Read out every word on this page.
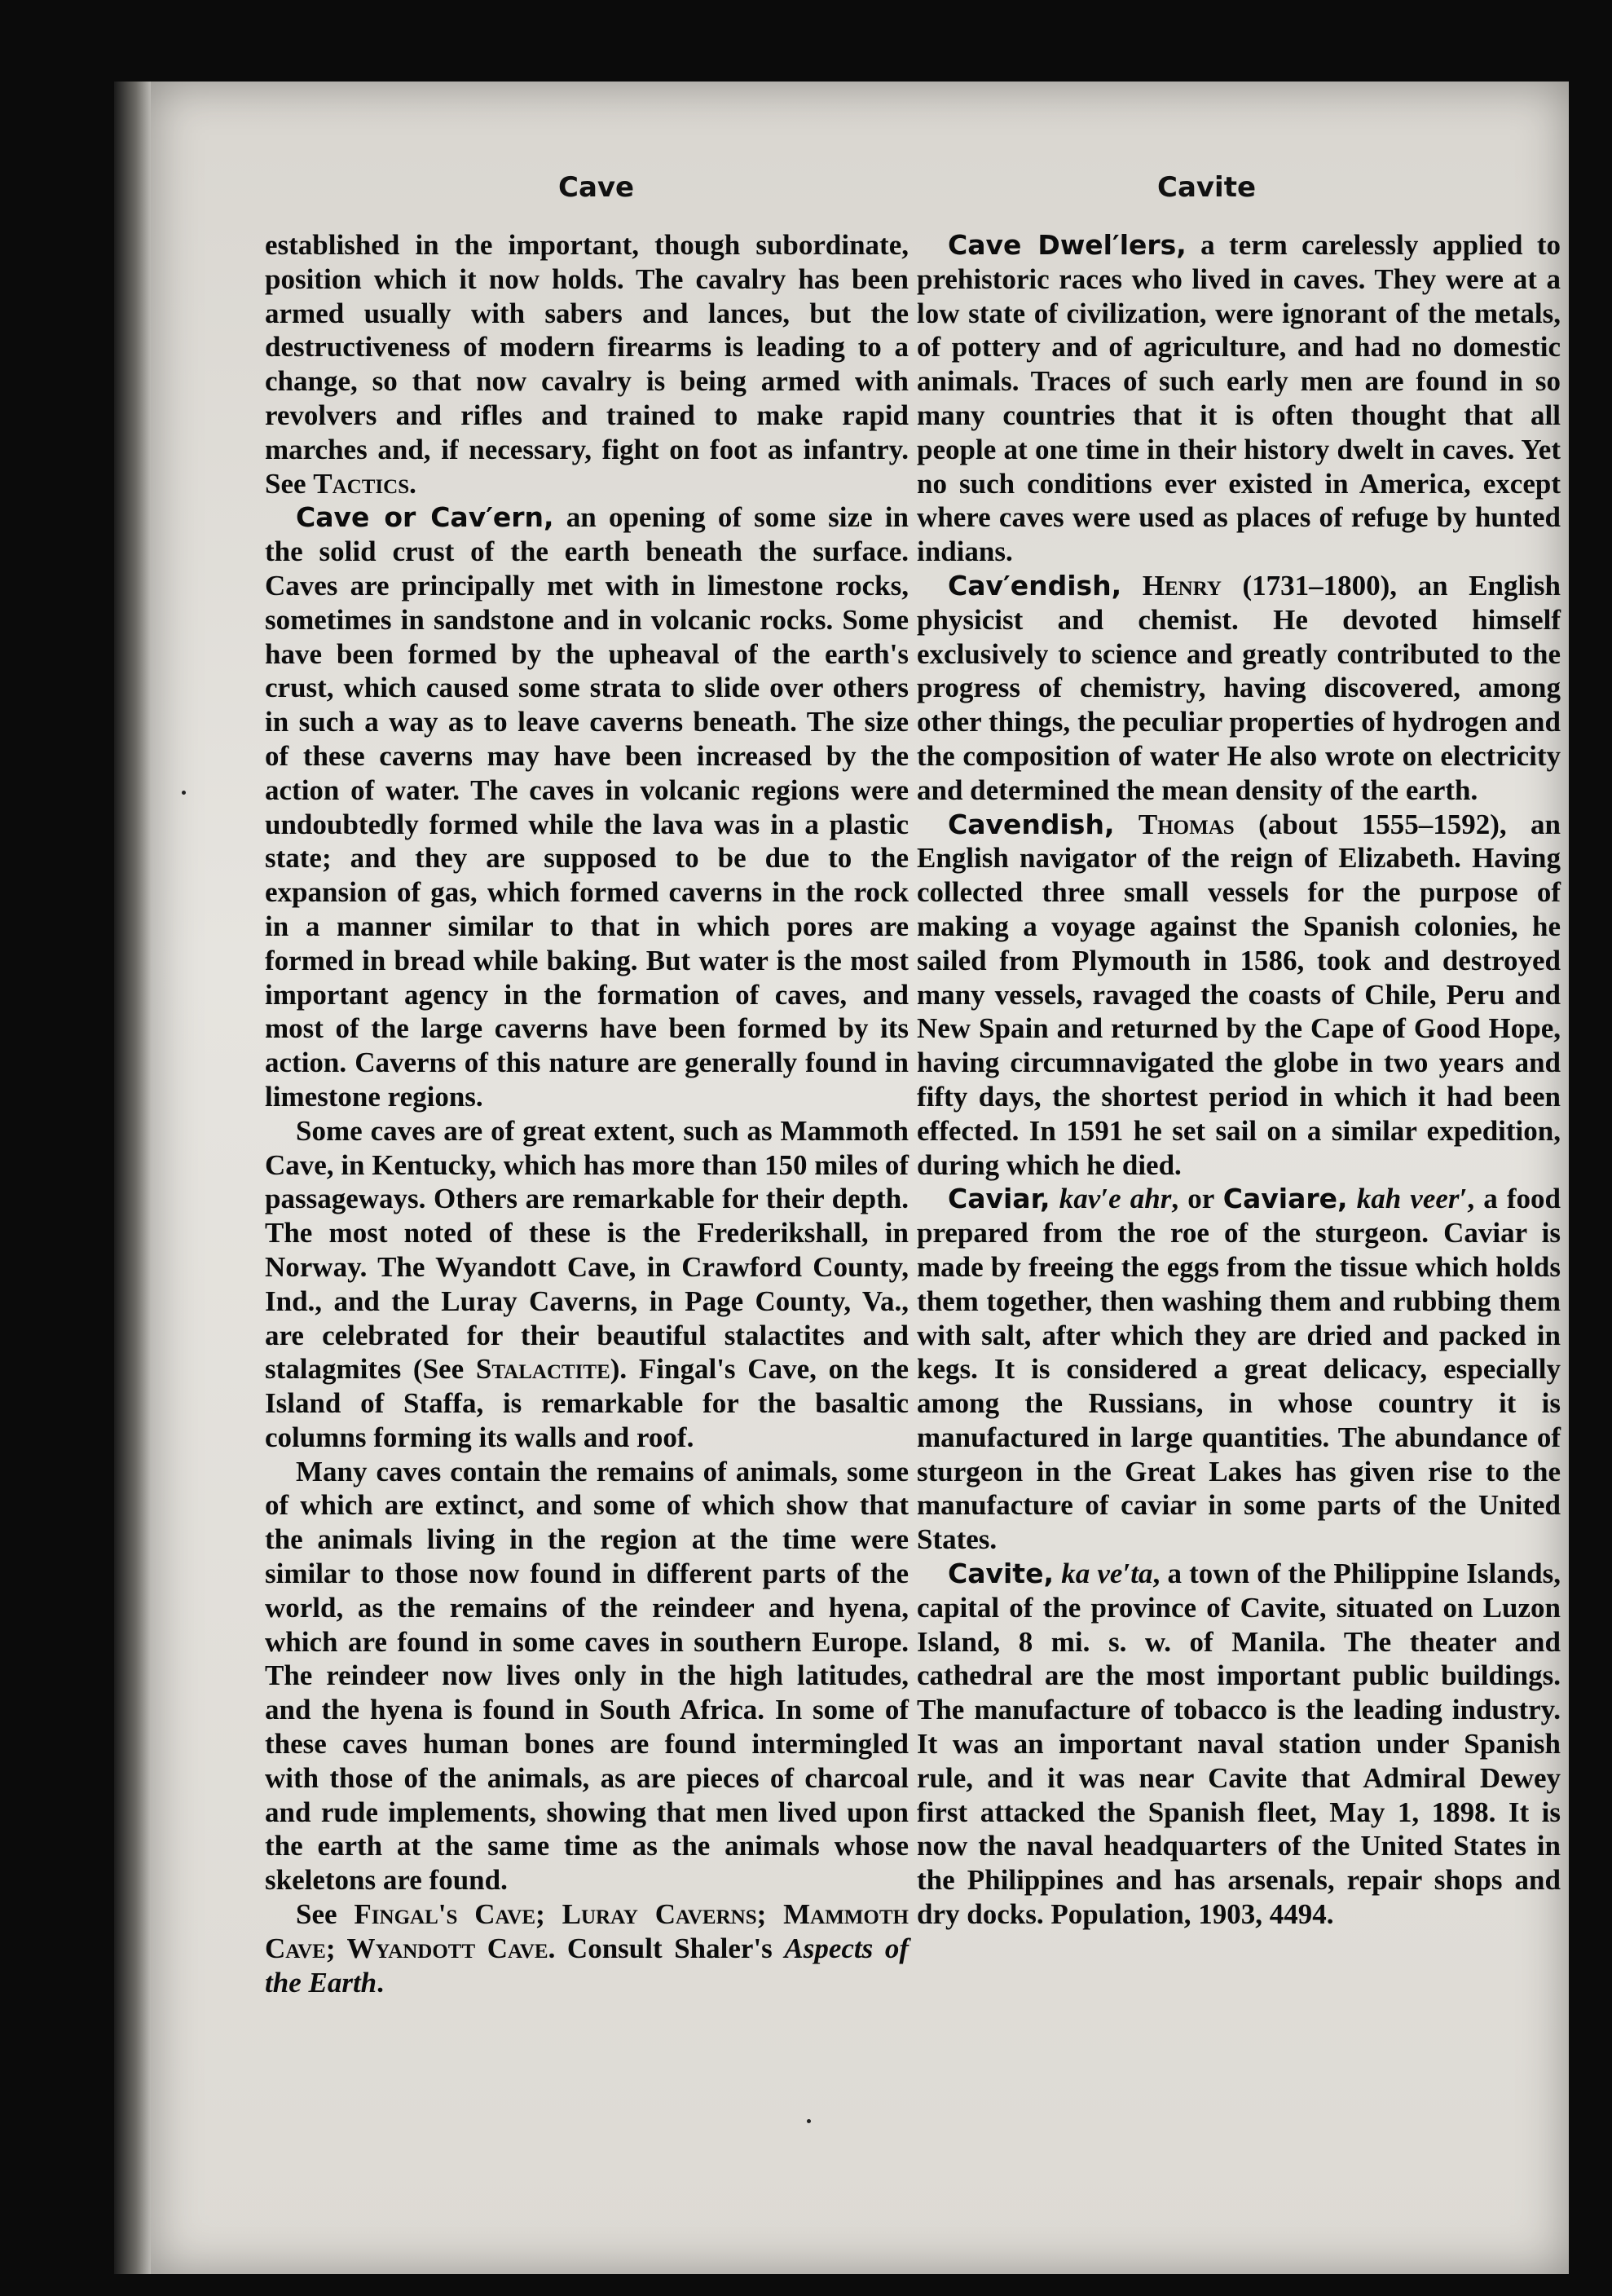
Cave	Cavite

established in the important, though subordinate, position which it now holds. The cavalry has been armed usually with sabers and lances, but the destructiveness of modern firearms is leading to a change, so that now cavalry is being armed with revolvers and rifles and trained to make rapid marches and, if necessary, fight on foot as infantry. See Tactics.

Cave or Cav′ern, an opening of some size in the solid crust of the earth beneath the surface. Caves are principally met with in limestone rocks, sometimes in sandstone and in volcanic rocks. Some have been formed by the upheaval of the earth's crust, which caused some strata to slide over others in such a way as to leave caverns beneath. The size of these caverns may have been increased by the action of water. The caves in volcanic regions were undoubtedly formed while the lava was in a plastic state; and they are supposed to be due to the expansion of gas, which formed caverns in the rock in a manner similar to that in which pores are formed in bread while baking. But water is the most important agency in the formation of caves, and most of the large caverns have been formed by its action. Caverns of this nature are generally found in limestone regions.

Some caves are of great extent, such as Mammoth Cave, in Kentucky, which has more than 150 miles of passageways. Others are remarkable for their depth. The most noted of these is the Frederikshall, in Norway. The Wyandott Cave, in Crawford County, Ind., and the Luray Caverns, in Page County, Va., are celebrated for their beautiful stalactites and stalagmites (See Stalactite). Fingal's Cave, on the Island of Staffa, is remarkable for the basaltic columns forming its walls and roof.

Many caves contain the remains of animals, some of which are extinct, and some of which show that the animals living in the region at the time were similar to those now found in different parts of the world, as the remains of the reindeer and hyena, which are found in some caves in southern Europe. The reindeer now lives only in the high latitudes, and the hyena is found in South Africa. In some of these caves human bones are found intermingled with those of the animals, as are pieces of charcoal and rude implements, showing that men lived upon the earth at the same time as the animals whose skeletons are found.

See Fingal's Cave; Luray Caverns; Mammoth Cave; Wyandott Cave. Consult Shaler's Aspects of the Earth.

Cave Dwel′lers, a term carelessly applied to prehistoric races who lived in caves. They were at a low state of civilization, were ignorant of the metals, of pottery and of agriculture, and had no domestic animals. Traces of such early men are found in so many countries that it is often thought that all people at one time in their history dwelt in caves. Yet no such conditions ever existed in America, except where caves were used as places of refuge by hunted indians.

Cav′endish, Henry (1731–1800), an English physicist and chemist. He devoted himself exclusively to science and greatly contributed to the progress of chemistry, having discovered, among other things, the peculiar properties of hydrogen and the composition of water He also wrote on electricity and determined the mean density of the earth.

Cavendish, Thomas (about 1555–1592), an English navigator of the reign of Elizabeth. Having collected three small vessels for the purpose of making a voyage against the Spanish colonies, he sailed from Plymouth in 1586, took and destroyed many vessels, ravaged the coasts of Chile, Peru and New Spain and returned by the Cape of Good Hope, having circumnavigated the globe in two years and fifty days, the shortest period in which it had been effected. In 1591 he set sail on a similar expedition, during which he died.

Caviar, kav′e ahr, or Caviare, kah veer′, a food prepared from the roe of the sturgeon. Caviar is made by freeing the eggs from the tissue which holds them together, then washing them and rubbing them with salt, after which they are dried and packed in kegs. It is considered a great delicacy, especially among the Russians, in whose country it is manufactured in large quantities. The abundance of sturgeon in the Great Lakes has given rise to the manufacture of caviar in some parts of the United States.

Cavite, ka ve′ta, a town of the Philippine Islands, capital of the province of Cavite, situated on Luzon Island, 8 mi. s. w. of Manila. The theater and cathedral are the most important public buildings. The manufacture of tobacco is the leading industry. It was an important naval station under Spanish rule, and it was near Cavite that Admiral Dewey first attacked the Spanish fleet, May 1, 1898. It is now the naval headquarters of the United States in the Philippines and has arsenals, repair shops and dry docks. Population, 1903, 4494.
